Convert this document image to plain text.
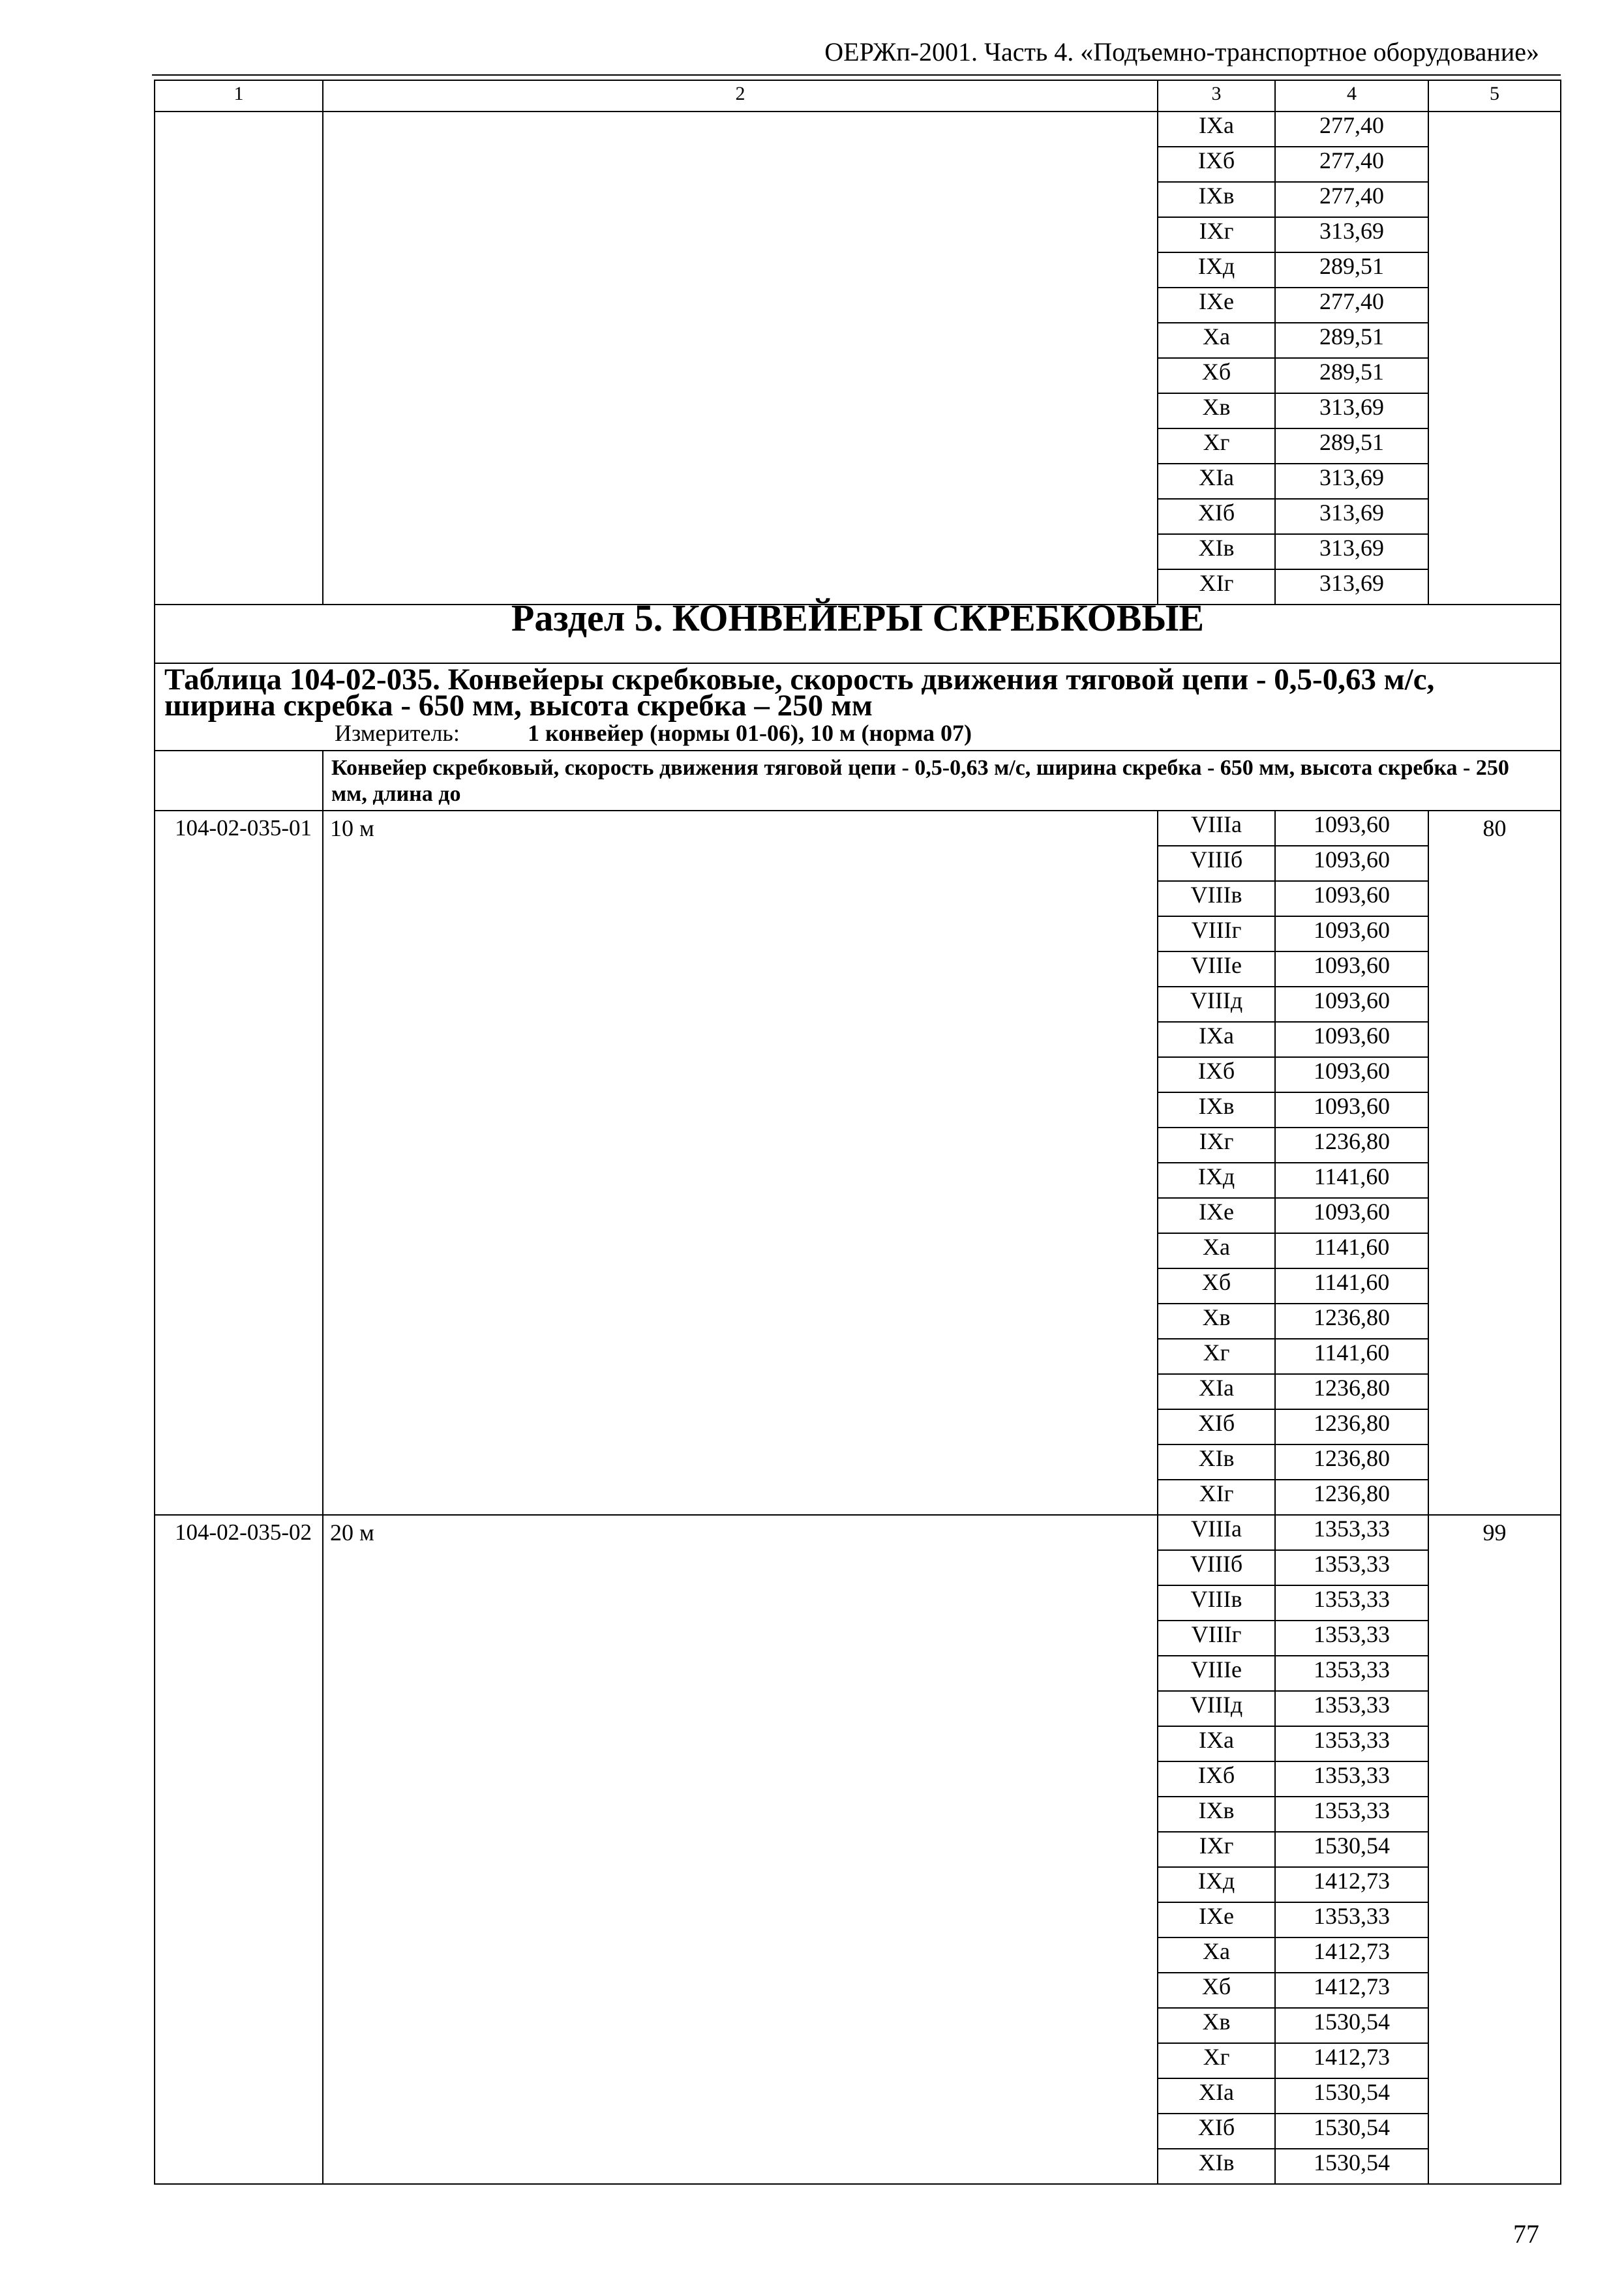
ОЕРЖп-2001. Часть 4. «Подъемно-транспортное оборудование»
1	2	3	4	5
		IXа	277,40	
		IXб	277,40	
		IXв	277,40	
		IXг	313,69	
		IXд	289,51	
		IXе	277,40	
		Xа	289,51	
		Xб	289,51	
		Xв	313,69	
		Xг	289,51	
		XIа	313,69	
		XIб	313,69	
		XIв	313,69	
		XIг	313,69	
Раздел 5. КОНВЕЙЕРЫ СКРЕБКОВЫЕ				

Таблица 104-02-035. Конвейеры скребковые, скорость движения тяговой цепи - 0,5-0,63 м/с, ширина скребка - 650 мм, высота скребка – 250 мм
Измеритель: 1 конвейер (нормы 01-06), 10 м (норма 07)				

	Конвейер скребковый, скорость движения тяговой цепи - 0,5-0,63 м/с, ширина скребка - 650 мм, высота скребка - 250 мм, длина до			
104-02-035-01	10 м	VIIIа	1093,60	80
		VIIIб	1093,60	
		VIIIв	1093,60	
		VIIIг	1093,60	
		VIIIе	1093,60	
		VIIIд	1093,60	
		IXа	1093,60	
		IXб	1093,60	
		IXв	1093,60	
		IXг	1236,80	
		IXд	1141,60	
		IXе	1093,60	
		Xа	1141,60	
		Xб	1141,60	
		Xв	1236,80	
		Xг	1141,60	
		XIа	1236,80	
		XIб	1236,80	
		XIв	1236,80	
		XIг	1236,80	
104-02-035-02	20 м	VIIIа	1353,33	99
		VIIIб	1353,33	
		VIIIв	1353,33	
		VIIIг	1353,33	
		VIIIе	1353,33	
		VIIIд	1353,33	
		IXа	1353,33	
		IXб	1353,33	
		IXв	1353,33	
		IXг	1530,54	
		IXд	1412,73	
		IXе	1353,33	
		Xа	1412,73	
		Xб	1412,73	
		Xв	1530,54	
		Xг	1412,73	
		XIа	1530,54	
		XIб	1530,54	
		XIв	1530,54	
77
